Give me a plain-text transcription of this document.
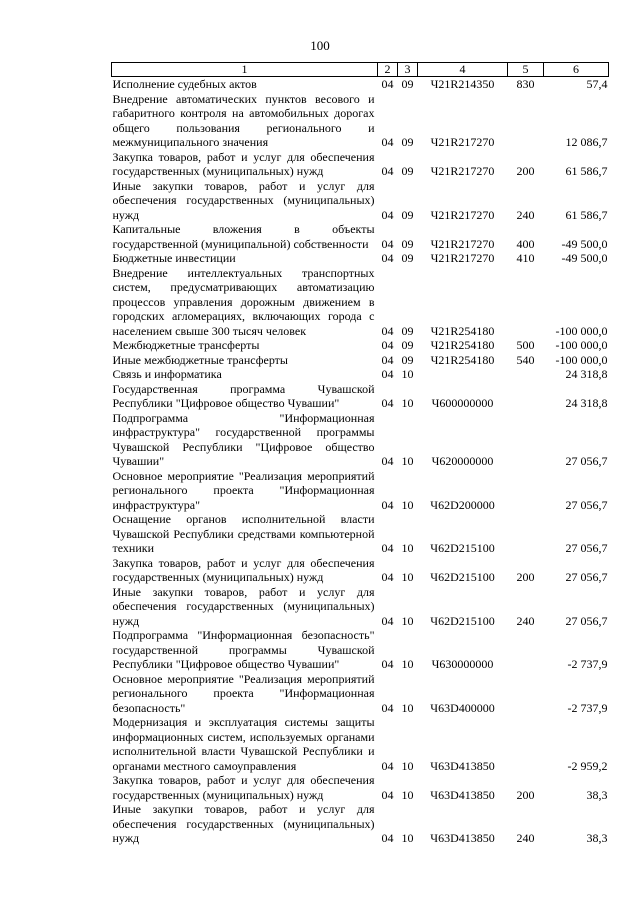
100
1	2	3	4	5	6
Исполнение судебных актов	04	09	Ч21R214350	830	57,4
Внедрение автоматических пунктов весового и габаритного контроля на автомобильных дорогах общего пользования регионального и межмуниципального значения	04	09	Ч21R217270		12 086,7
Закупка товаров, работ и услуг для обеспечения государственных (муниципальных) нужд	04	09	Ч21R217270	200	61 586,7
Иные закупки товаров, работ и услуг для обеспечения государственных (муниципальных) нужд	04	09	Ч21R217270	240	61 586,7
Капитальные вложения в объекты государственной (муниципальной) собственности	04	09	Ч21R217270	400	-49 500,0
Бюджетные инвестиции	04	09	Ч21R217270	410	-49 500,0
Внедрение интеллектуальных транспортных систем, предусматривающих автоматизацию процессов управления дорожным движением в городских агломерациях, включающих города с населением свыше 300 тысяч человек	04	09	Ч21R254180		-100 000,0
Межбюджетные трансферты	04	09	Ч21R254180	500	-100 000,0
Иные межбюджетные трансферты	04	09	Ч21R254180	540	-100 000,0
Связь и информатика	04	10			24 318,8
Государственная программа Чувашской Республики "Цифровое общество Чувашии"	04	10	Ч600000000		24 318,8
Подпрограмма "Информационная инфраструктура" государственной программы Чувашской Республики "Цифровое общество Чувашии"	04	10	Ч620000000		27 056,7
Основное мероприятие "Реализация мероприятий регионального проекта "Информационная инфраструктура"	04	10	Ч62D200000		27 056,7
Оснащение органов исполнительной власти Чувашской Республики средствами компьютерной техники	04	10	Ч62D215100		27 056,7
Закупка товаров, работ и услуг для обеспечения государственных (муниципальных) нужд	04	10	Ч62D215100	200	27 056,7
Иные закупки товаров, работ и услуг для обеспечения государственных (муниципальных) нужд	04	10	Ч62D215100	240	27 056,7
Подпрограмма "Информационная безопасность" государственной программы Чувашской Республики "Цифровое общество Чувашии"	04	10	Ч630000000		-2 737,9
Основное мероприятие "Реализация мероприятий регионального проекта "Информационная безопасность"	04	10	Ч63D400000		-2 737,9
Модернизация и эксплуатация системы защиты информационных систем, используемых органами исполнительной власти Чувашской Республики и органами местного самоуправления	04	10	Ч63D413850		-2 959,2
Закупка товаров, работ и услуг для обеспечения государственных (муниципальных) нужд	04	10	Ч63D413850	200	38,3
Иные закупки товаров, работ и услуг для обеспечения государственных (муниципальных) нужд	04	10	Ч63D413850	240	38,3
